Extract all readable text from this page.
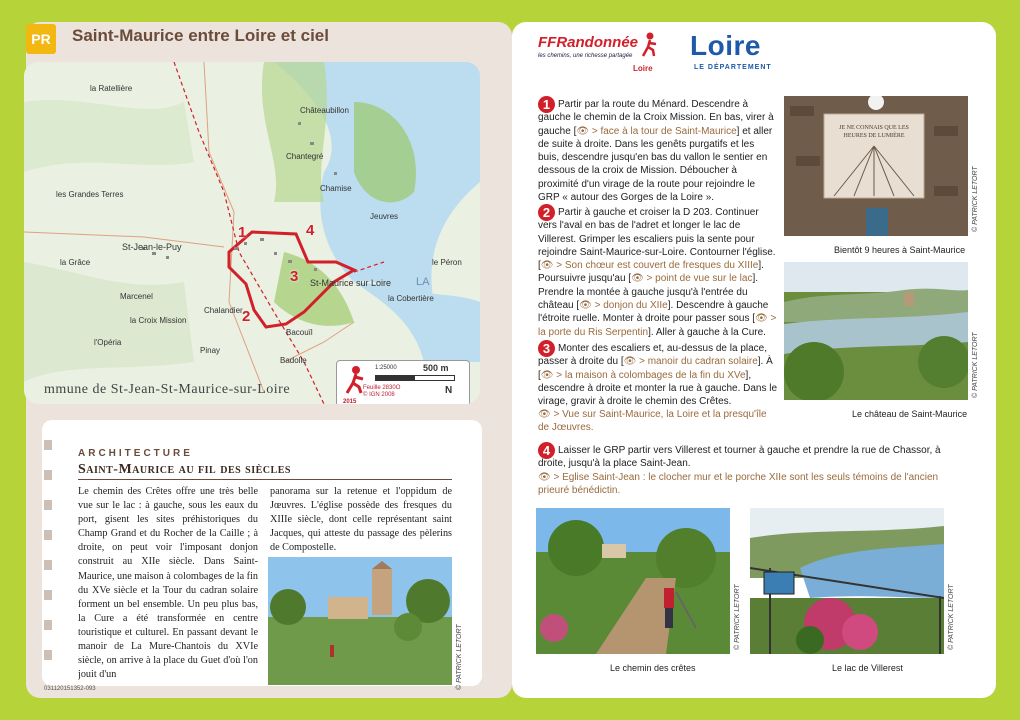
PR	Saint-Maurice entre Loire et ciel
la Ratellière
Châteaubillon
Chantegré
les Grandes Terres
St-Jean-le-Puy
la Grâce
Marcenel
la Croix Mission
l'Opéria
Pinay
Chalandier
Bacouïl
Badolle
St-Maurice sur Loire
la Cobertière
Jeuvres
le Péron
Chamise
LA
1
2
3
4
mmune de St-Jean-St-Maurice-sur-Loire
1:25000	500 m
Feuille 2830O
© IGN 2008
2015
N
ARCHITECTURE
Saint-Maurice au fil des siècles
Le chemin des Crêtes offre une très belle vue sur le lac : à gauche, sous les eaux du port, gisent les sites préhistoriques du Champ Grand et du Rocher de la Caille ; à droite, on peut voir l'imposant donjon construit au XIIe siècle. Dans Saint-Maurice, une maison à colombages de la fin du XVe siècle et la Tour du cadran solaire forment un bel ensemble. Un peu plus bas, la Cure a été transformée en centre touristique et culturel. En passant devant le manoir de La Mure-Chantois du XVIe siècle, on arrive à la place du Guet d'où l'on jouit d'un
panorama sur la retenue et l'oppidum de Jœuvres. L'église possède des fresques du XIIIe siècle, dont celle représentant saint Jacques, qui atteste du passage des pèlerins de Compostelle.
© PATRICK LETORT
031120151352-093
FFRandonnée
les chemins, une richesse partagée
Loire
Loire
LE DÉPARTEMENT
1 Partir par la route du Ménard. Descendre à gauche le chemin de la Croix Mission. En bas, virer à gauche [👁 > face à la tour de Saint-Maurice] et aller de suite à droite. Dans les genêts purgatifs et les buis, descendre jusqu'en bas du vallon le sentier en dessous de la croix de Mission. Déboucher à proximité d'un virage de la route pour rejoindre le GRP « autour des Gorges de la Loire ».
2 Partir à gauche et croiser la D 203. Continuer vers l'aval en bas de l'adret et longer le lac de Villerest. Grimper les escaliers puis la sente pour rejoindre Saint-Maurice-sur-Loire. Contourner l'église.[👁 > Son chœur est couvert de fresques du XIIIe]. Poursuivre jusqu'au [👁 > point de vue sur le lac]. Prendre la montée à gauche jusqu'à l'entrée du château [👁 > donjon du XIIe]. Descendre à gauche l'étroite ruelle. Monter à droite pour passer sous [👁 > la porte du Ris Serpentin]. Aller à gauche à la Cure.
3 Monter des escaliers et, au-dessus de la place, passer à droite du [👁 > manoir du cadran solaire]. À [👁 > la maison à colombages de la fin du XVe], descendre à droite et monter la rue à gauche. Dans le virage, gravir à droite le chemin des Crêtes.
👁 > Vue sur Saint-Maurice, la Loire et la presqu'île de Jœuvres.
4 Laisser le GRP partir vers Villerest et tourner à gauche et prendre la rue de Chassor, à droite, jusqu'à la place Saint-Jean.
👁 > Eglise Saint-Jean : le clocher mur et le porche XIIe sont les seuls témoins de l'ancien prieuré bénédictin.
JE NE CONNAIS QUE LES HEURES DE LUMIÈRE
© PATRICK LETORT
Bientôt 9 heures à Saint-Maurice
© PATRICK LETORT
Le château de Saint-Maurice
© PATRICK LETORT
Le chemin des crêtes
© PATRICK LETORT
Le lac de Villerest
